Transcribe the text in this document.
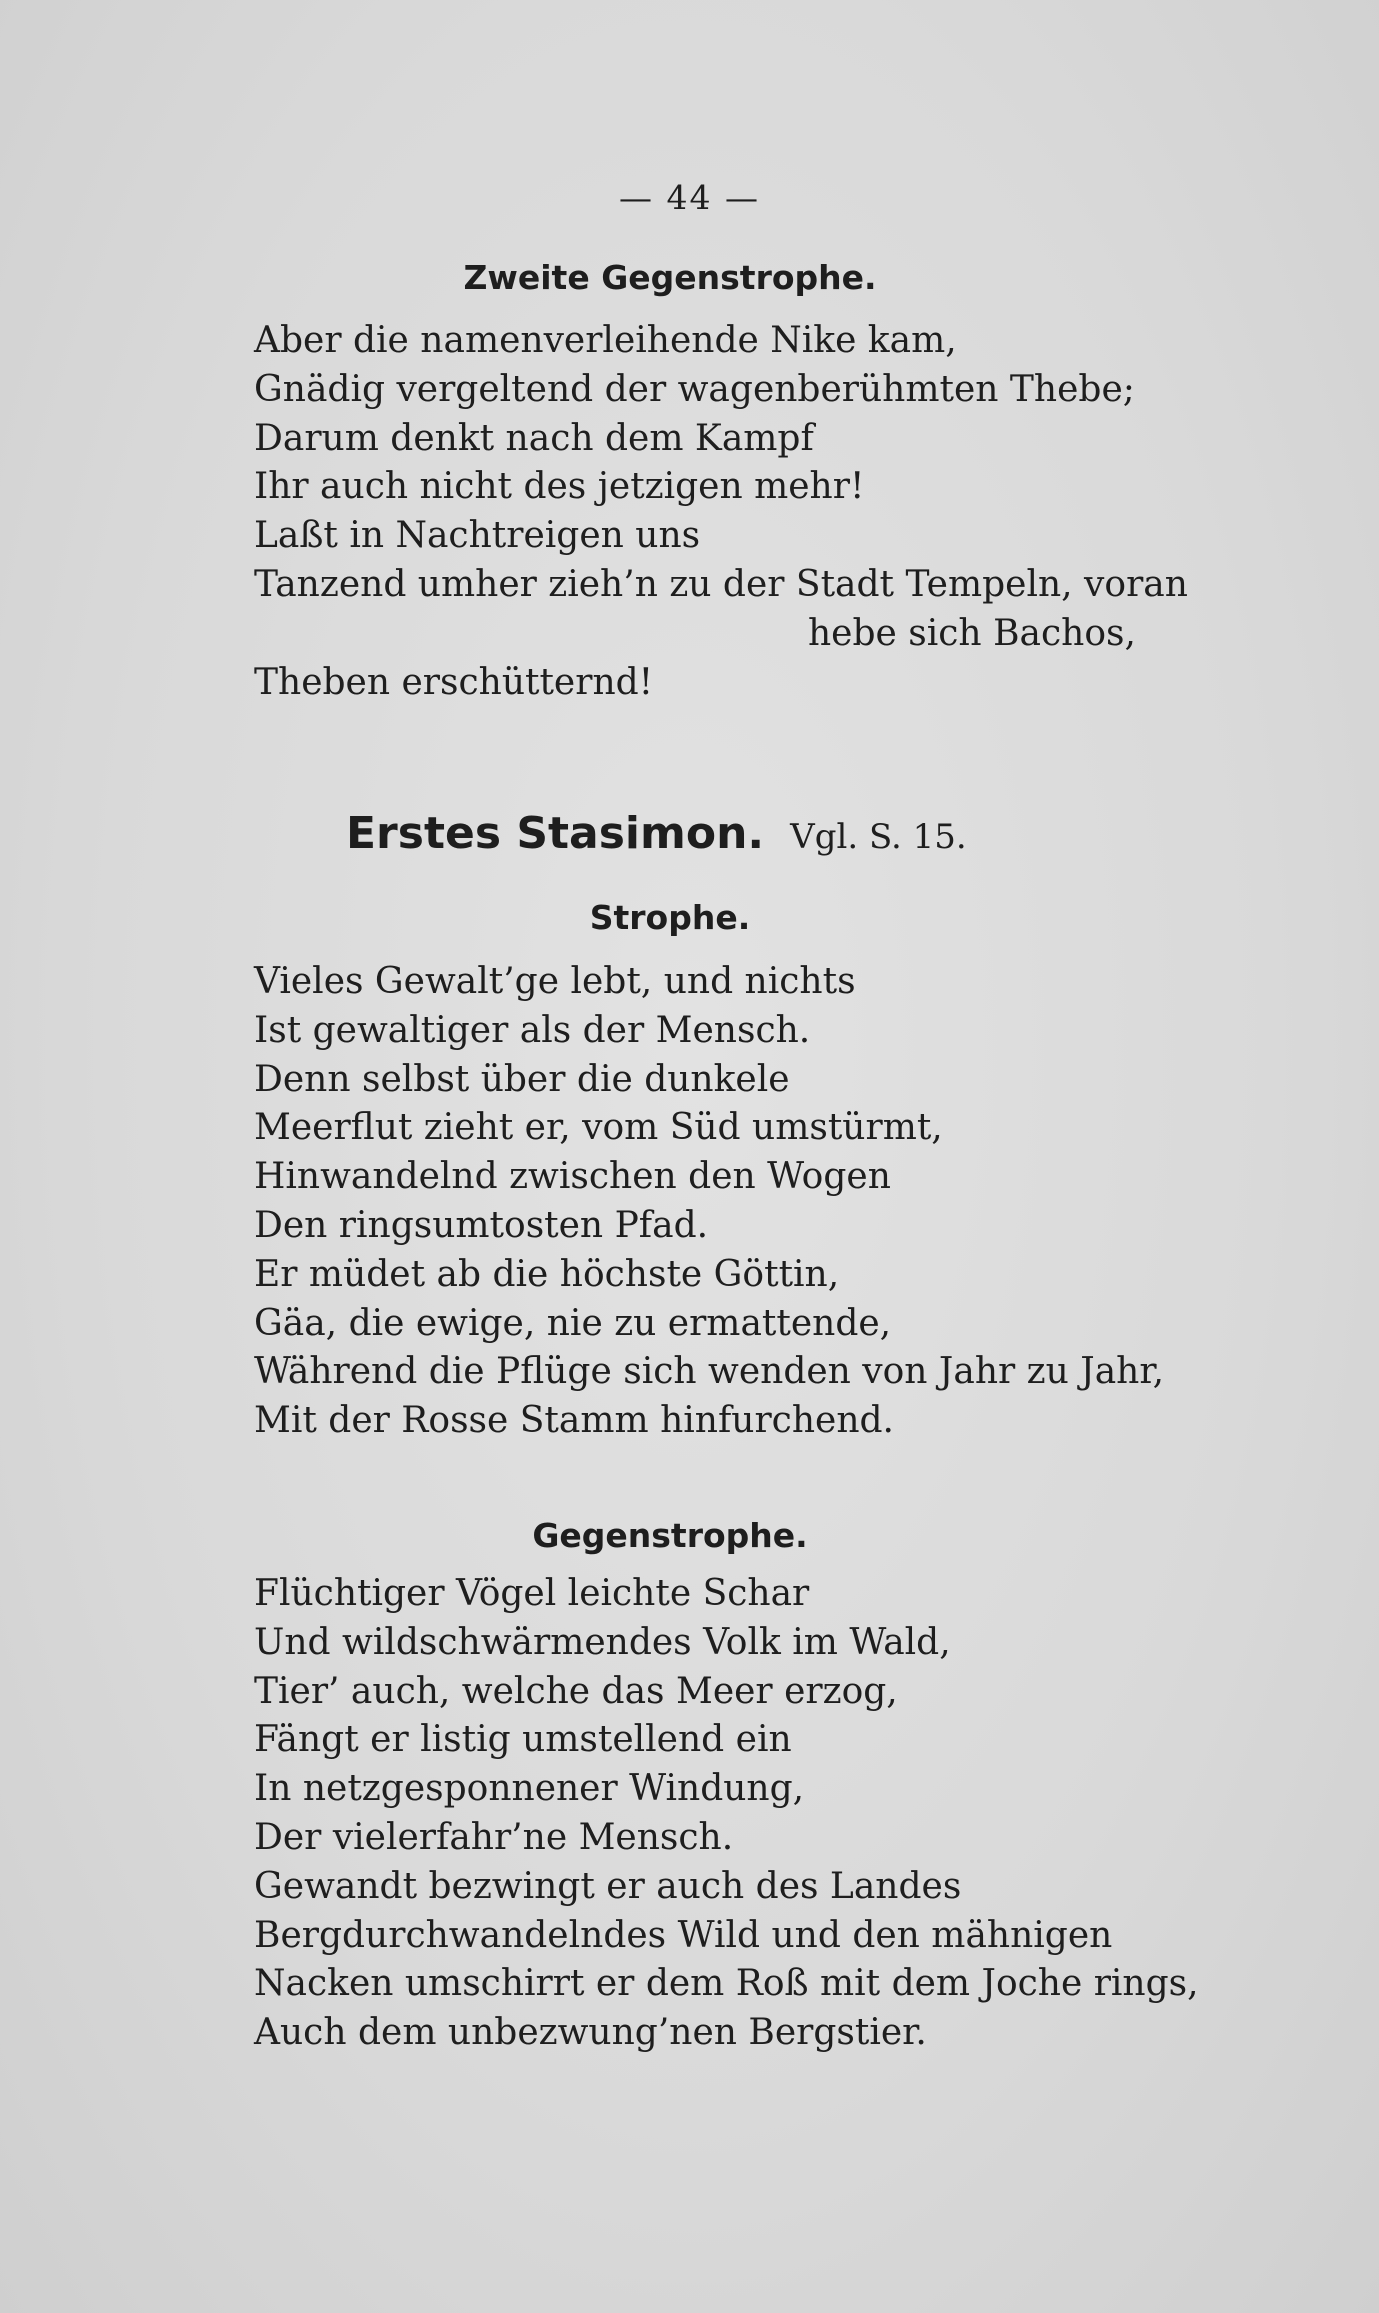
— 44 —
Zweite Gegenstrophe.
Aber die namenverleihende Nike kam,
Gnädig vergeltend der wagenberühmten Thebe;
Darum denkt nach dem Kampf
Ihr auch nicht des jetzigen mehr!
Laßt in Nachtreigen uns
Tanzend umher zieh’n zu der Stadt Tempeln, voran
hebe sich Bachos,
Theben erschütternd!
Erstes Stasimon. Vgl. S. 15.
Strophe.
Vieles Gewalt’ge lebt, und nichts
Ist gewaltiger als der Mensch.
Denn selbst über die dunkele
Meerflut zieht er, vom Süd umstürmt,
Hinwandelnd zwischen den Wogen
Den ringsumtosten Pfad.
Er müdet ab die höchste Göttin,
Gäa, die ewige, nie zu ermattende,
Während die Pflüge sich wenden von Jahr zu Jahr,
Mit der Rosse Stamm hinfurchend.
Gegenstrophe.
Flüchtiger Vögel leichte Schar
Und wildschwärmendes Volk im Wald,
Tier’ auch, welche das Meer erzog,
Fängt er listig umstellend ein
In netzgesponnener Windung,
Der vielerfahr’ne Mensch.
Gewandt bezwingt er auch des Landes
Bergdurchwandelndes Wild und den mähnigen
Nacken umschirrt er dem Roß mit dem Joche rings,
Auch dem unbezwung’nen Bergstier.
